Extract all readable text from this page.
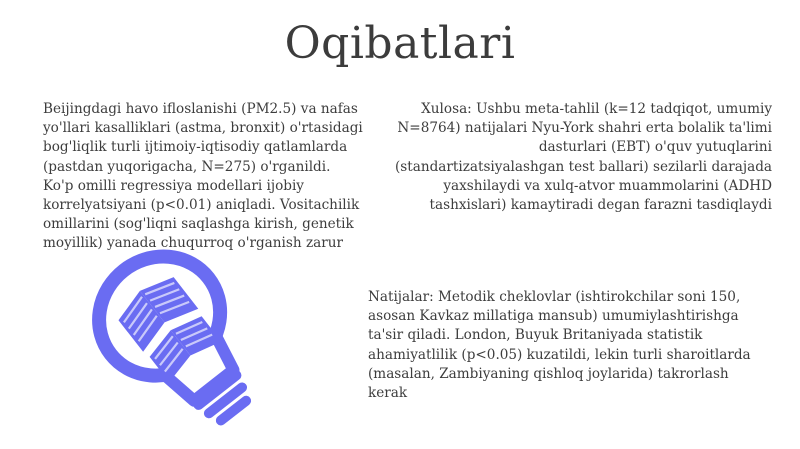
Oqibatlari
Beijingdagi havo ifloslanishi (PM2.5) va nafas yo'llari kasalliklari (astma, bronxit) o'rtasidagi bog'liqlik turli ijtimoiy-iqtisodiy qatlamlarda (pastdan yuqorigacha, N=275) o'rganildi. Ko'p omilli regressiya modellari ijobiy korrelyatsiyani (p<0.01) aniqladi. Vositachilik omillarini (sog'liqni saqlashga kirish, genetik moyillik) yanada chuqurroq o'rganish zarur
Xulosa: Ushbu meta-tahlil (k=12 tadqiqot, umumiy N=8764) natijalari Nyu-York shahri erta bolalik ta'limi dasturlari (EBT) o'quv yutuqlarini (standartizatsiyalashgan test ballari) sezilarli darajada yaxshilaydi va xulq-atvor muammolarini (ADHD tashxislari) kamaytiradi degan farazni tasdiqlaydi
Natijalar: Metodik cheklovlar (ishtirokchilar soni 150, asosan Kavkaz millatiga mansub) umumiylashtirishga ta'sir qiladi. London, Buyuk Britaniyada statistik ahamiyatlilik (p<0.05) kuzatildi, lekin turli sharoitlarda (masalan, Zambiyaning qishloq joylarida) takrorlash kerak
